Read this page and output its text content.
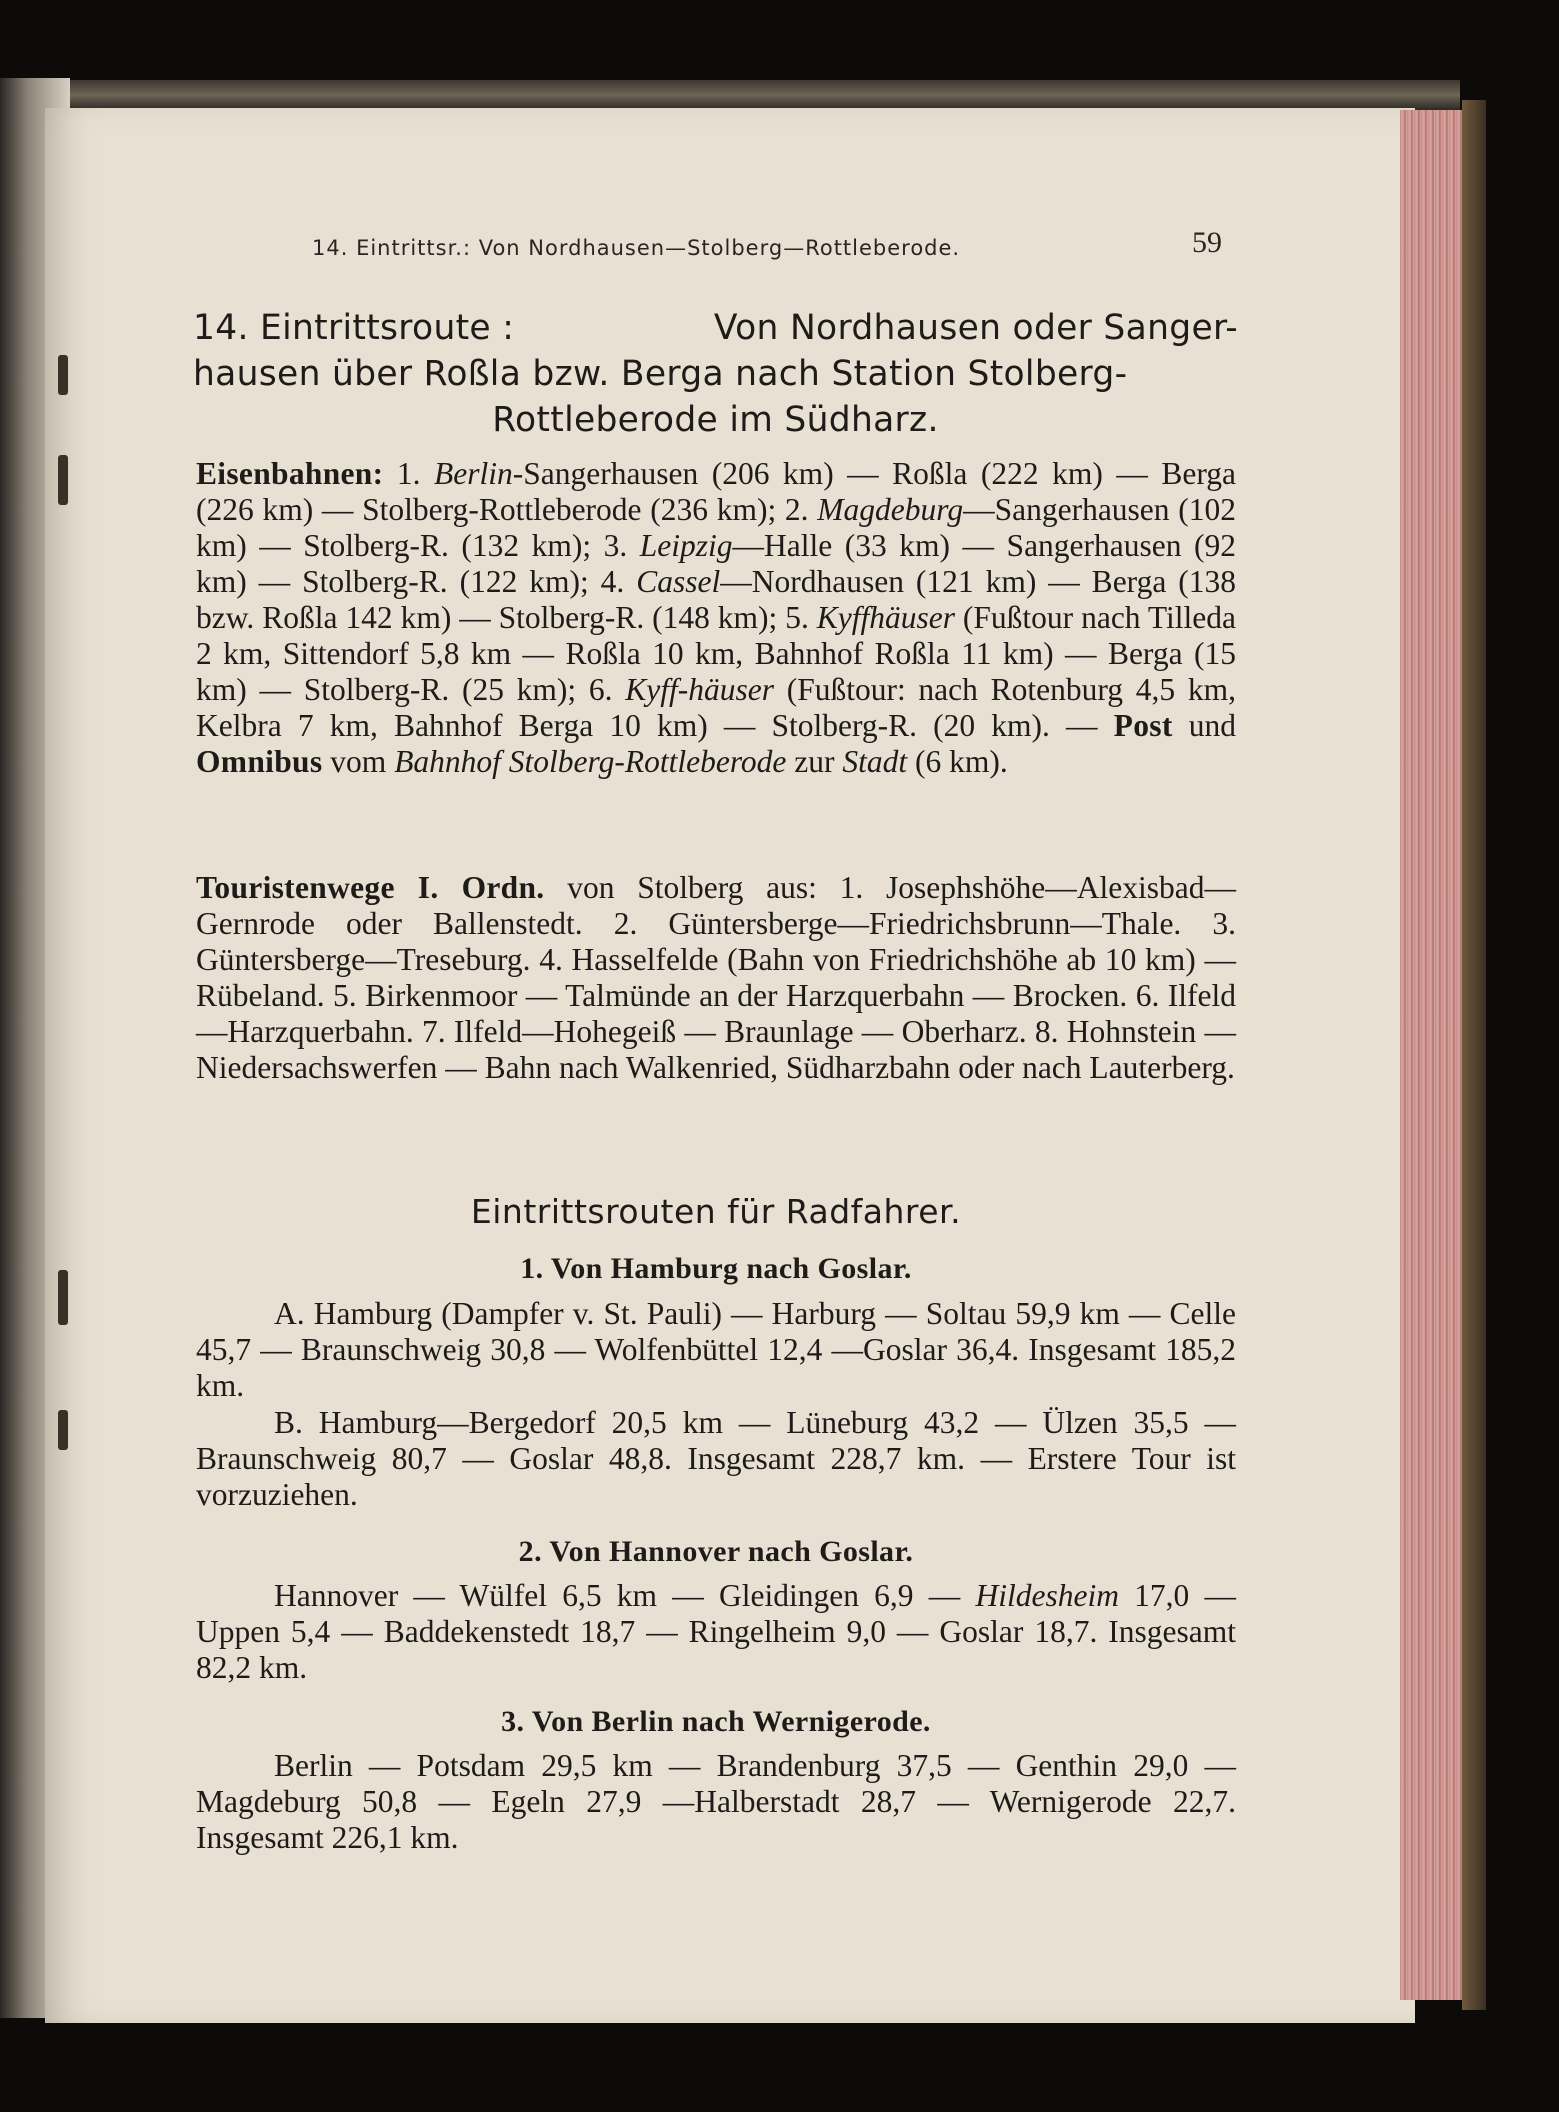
14. Eintrittsr.: Von Nordhausen—Stolberg—Rottleberode.	59
14. Eintrittsroute :	Von Nordhausen oder Sanger-
hausen über Roßla bzw. Berga nach Station Stolberg-
Rottleberode im Südharz.
Eisenbahnen: 1. Berlin-Sangerhausen (206 km) — Roßla (222 km) — Berga (226 km) — Stolberg-Rottleberode (236 km); 2. Magdeburg—Sangerhausen (102 km) — Stolberg-R. (132 km); 3. Leipzig—Halle (33 km) — Sangerhausen (92 km) — Stolberg-R. (122 km); 4. Cassel—Nordhausen (121 km) — Berga (138 bzw. Roßla 142 km) — Stolberg-R. (148 km); 5. Kyffhäuser (Fußtour nach Tilleda 2 km, Sittendorf 5,8 km — Roßla 10 km, Bahnhof Roßla 11 km) — Berga (15 km) — Stolberg-R. (25 km); 6. Kyff-häuser (Fußtour: nach Rotenburg 4,5 km, Kelbra 7 km, Bahnhof Berga 10 km) — Stolberg-R. (20 km). — Post und Omnibus vom Bahnhof Stolberg-Rottleberode zur Stadt (6 km).
Touristenwege I. Ordn. von Stolberg aus: 1. Josephshöhe—Alexisbad—Gernrode oder Ballenstedt. 2. Güntersberge—Friedrichsbrunn—Thale. 3. Güntersberge—Treseburg. 4. Hasselfelde (Bahn von Friedrichshöhe ab 10 km) — Rübeland. 5. Birkenmoor — Talmünde an der Harzquerbahn — Brocken. 6. Ilfeld—Harzquerbahn. 7. Ilfeld—Hohegeiß — Braunlage — Oberharz. 8. Hohnstein — Niedersachswerfen — Bahn nach Walkenried, Südharzbahn oder nach Lauterberg.
Eintrittsrouten für Radfahrer.
1. Von Hamburg nach Goslar.
A. Hamburg (Dampfer v. St. Pauli) — Harburg — Soltau 59,9 km — Celle 45,7 — Braunschweig 30,8 — Wolfenbüttel 12,4 —Goslar 36,4. Insgesamt 185,2 km.
B. Hamburg—Bergedorf 20,5 km — Lüneburg 43,2 — Ülzen 35,5 — Braunschweig 80,7 — Goslar 48,8. Insgesamt 228,7 km. — Erstere Tour ist vorzuziehen.
2. Von Hannover nach Goslar.
Hannover — Wülfel 6,5 km — Gleidingen 6,9 — Hildesheim 17,0 — Uppen 5,4 — Baddekenstedt 18,7 — Ringelheim 9,0 — Goslar 18,7. Insgesamt 82,2 km.
3. Von Berlin nach Wernigerode.
Berlin — Potsdam 29,5 km — Brandenburg 37,5 — Genthin 29,0 — Magdeburg 50,8 — Egeln 27,9 —Halberstadt 28,7 — Wernigerode 22,7. Insgesamt 226,1 km.
